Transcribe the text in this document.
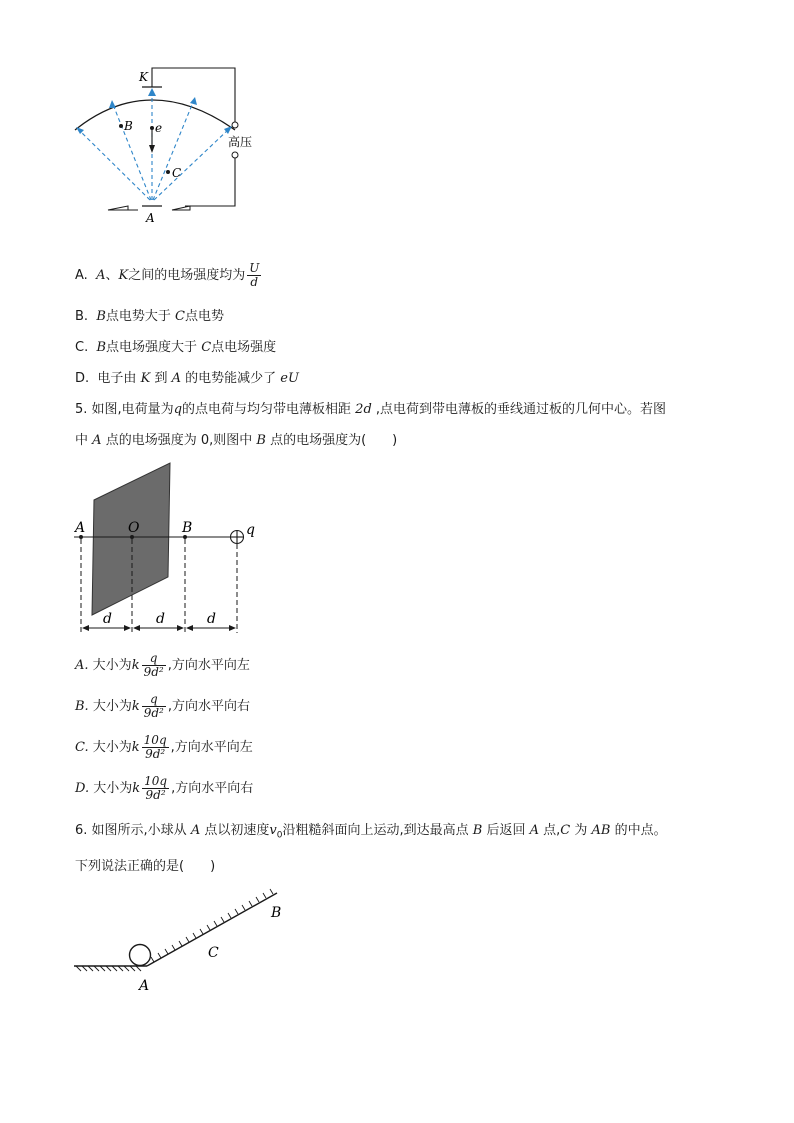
K
B e
C
A
高压
A. A、K之间的电场强度均为 $\frac{U}{d}$
B. B点电势大于 C点电势
C. B点电场强度大于 C点电场强度
D. 电子由 K 到 A 的电势能减少了 eU
5. 如图,电荷量为q的点电荷与均匀带电薄板相距 2d ,点电荷到带电薄板的垂线通过板的几何中心。若图
中 A 点的电场强度为 0,则图中 B 点的电场强度为(　　)
A	O	B	q
d	d	d
A. 大小为k $\frac{q}{\text{9d²}}$ ,方向水平向左
B. 大小为k $\frac{q}{\text{9d²}}$ ,方向水平向右
C. 大小为k $\frac{10q}{\text{9d²}}$ ,方向水平向左
D. 大小为k $\frac{10q}{\text{9d²}}$ ,方向水平向右
6. 如图所示,小球从 A 点以初速度$v_0$沿粗糙斜面向上运动,到达最高点 B 后返回 A 点,C 为 AB 的中点。
下列说法正确的是(　　)
A
C
B
